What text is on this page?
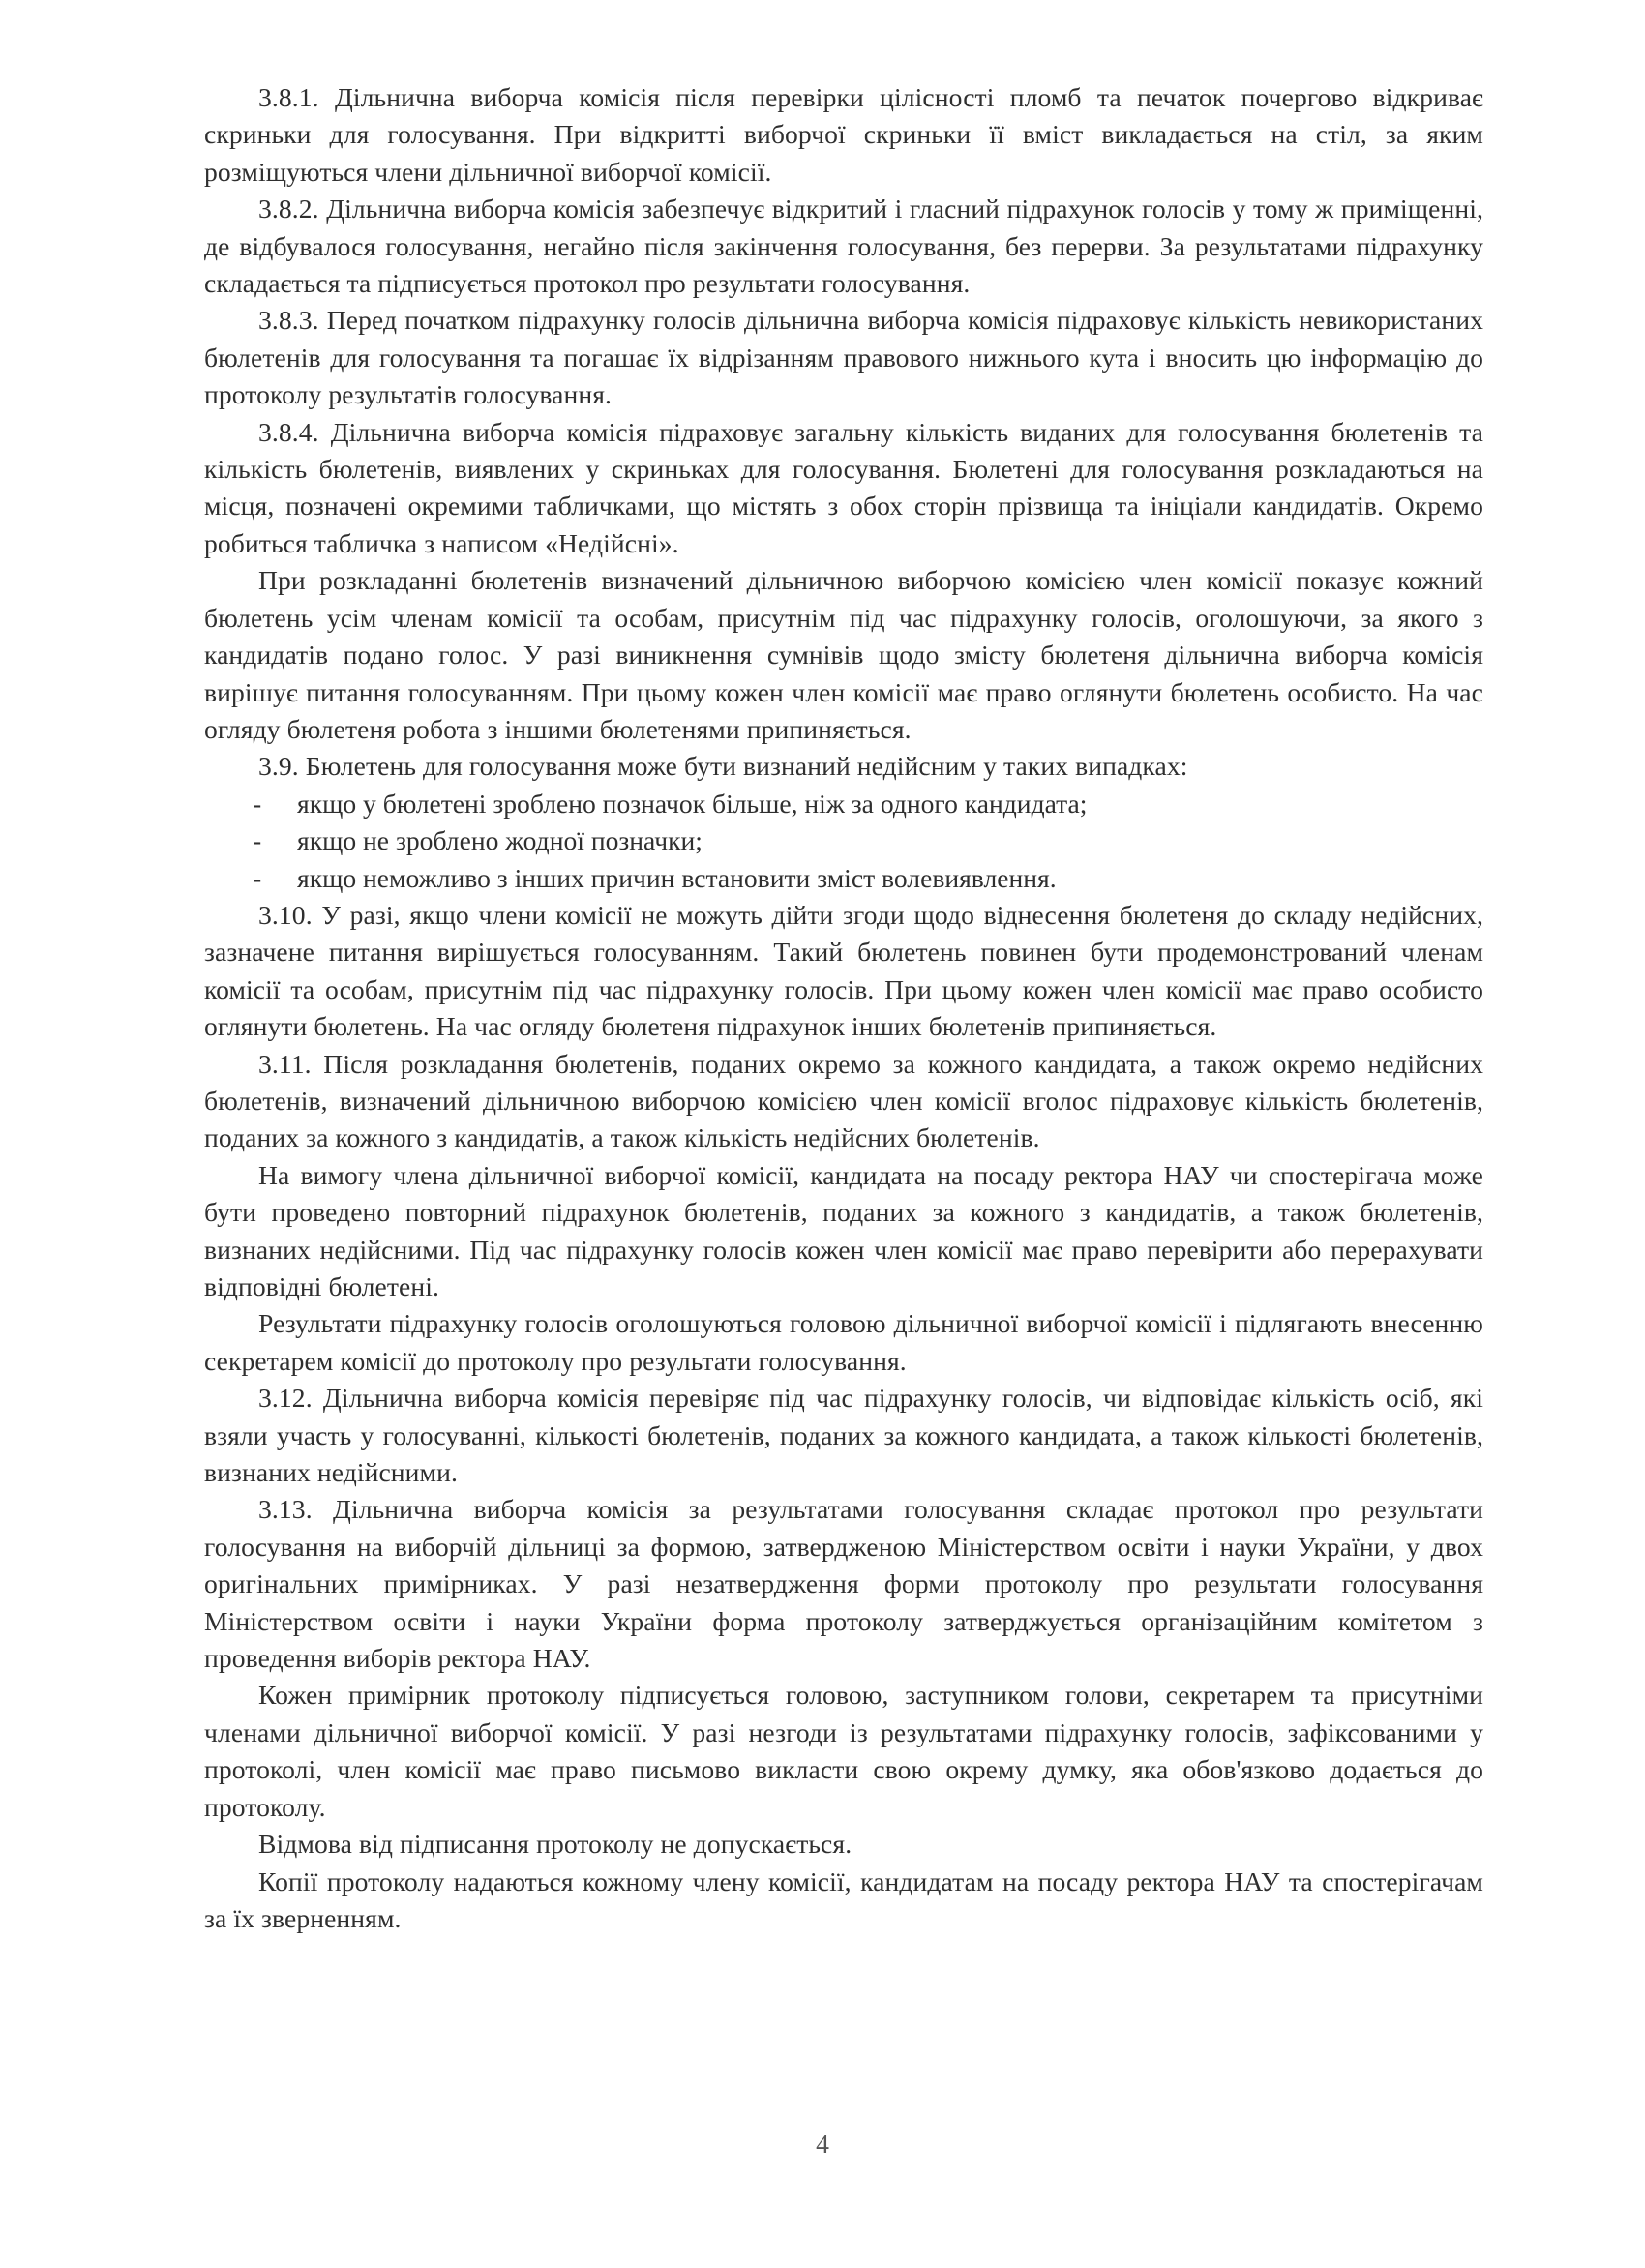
3.8.1. Дільнична виборча комісія після перевірки цілісності пломб та печаток почергово відкриває скриньки для голосування. При відкритті виборчої скриньки її вміст викладається на стіл, за яким розміщуються члени дільничної виборчої комісії.

3.8.2. Дільнична виборча комісія забезпечує відкритий і гласний підрахунок голосів у тому ж приміщенні, де відбувалося голосування, негайно після закінчення голосування, без перерви. За результатами підрахунку складається та підписується протокол про результати голосування.

3.8.3. Перед початком підрахунку голосів дільнична виборча комісія підраховує кількість невикористаних бюлетенів для голосування та погашає їх відрізанням правового нижнього кута і вносить цю інформацію до протоколу результатів голосування.

3.8.4. Дільнична виборча комісія підраховує загальну кількість виданих для голосування бюлетенів та кількість бюлетенів, виявлених у скриньках для голосування. Бюлетені для голосування розкладаються на місця, позначені окремими табличками, що містять з обох сторін прізвища та ініціали кандидатів. Окремо робиться табличка з написом «Недійсні».

При розкладанні бюлетенів визначений дільничною виборчою комісією член комісії показує кожний бюлетень усім членам комісії та особам, присутнім під час підрахунку голосів, оголошуючи, за якого з кандидатів подано голос. У разі виникнення сумнівів щодо змісту бюлетеня дільнична виборча комісія вирішує питання голосуванням. При цьому кожен член комісії має право оглянути бюлетень особисто. На час огляду бюлетеня робота з іншими бюлетенями припиняється.

3.9. Бюлетень для голосування може бути визнаний недійсним у таких випадках:

- якщо у бюлетені зроблено позначок більше, ніж за одного кандидата;

- якщо не зроблено жодної позначки;

- якщо неможливо з інших причин встановити зміст волевиявлення.

3.10. У разі, якщо члени комісії не можуть дійти згоди щодо віднесення бюлетеня до складу недійсних, зазначене питання вирішується голосуванням. Такий бюлетень повинен бути продемонстрований членам комісії та особам, присутнім під час підрахунку голосів. При цьому кожен член комісії має право особисто оглянути бюлетень. На час огляду бюлетеня підрахунок інших бюлетенів припиняється.

3.11. Після розкладання бюлетенів, поданих окремо за кожного кандидата, а також окремо недійсних бюлетенів, визначений дільничною виборчою комісією член комісії вголос підраховує кількість бюлетенів, поданих за кожного з кандидатів, а також кількість недійсних бюлетенів.

На вимогу члена дільничної виборчої комісії, кандидата на посаду ректора НАУ чи спостерігача може бути проведено повторний підрахунок бюлетенів, поданих за кожного з кандидатів, а також бюлетенів, визнаних недійсними. Під час підрахунку голосів кожен член комісії має право перевірити або перерахувати відповідні бюлетені.

Результати підрахунку голосів оголошуються головою дільничної виборчої комісії і підлягають внесенню секретарем комісії до протоколу про результати голосування.

3.12. Дільнична виборча комісія перевіряє під час підрахунку голосів, чи відповідає кількість осіб, які взяли участь у голосуванні, кількості бюлетенів, поданих за кожного кандидата, а також кількості бюлетенів, визнаних недійсними.

3.13. Дільнична виборча комісія за результатами голосування складає протокол про результати голосування на виборчій дільниці за формою, затвердженою Міністерством освіти і науки України, у двох оригінальних примірниках. У разі незатвердження форми протоколу про результати голосування Міністерством освіти і науки України форма протоколу затверджується організаційним комітетом з проведення виборів ректора НАУ.

Кожен примірник протоколу підписується головою, заступником голови, секретарем та присутніми членами дільничної виборчої комісії. У разі незгоди із результатами підрахунку голосів, зафіксованими у протоколі, член комісії має право письмово викласти свою окрему думку, яка обов'язково додається до протоколу.

Відмова від підписання протоколу не допускається.

Копії протоколу надаються кожному члену комісії, кандидатам на посаду ректора НАУ та спостерігачам за їх зверненням.

4
